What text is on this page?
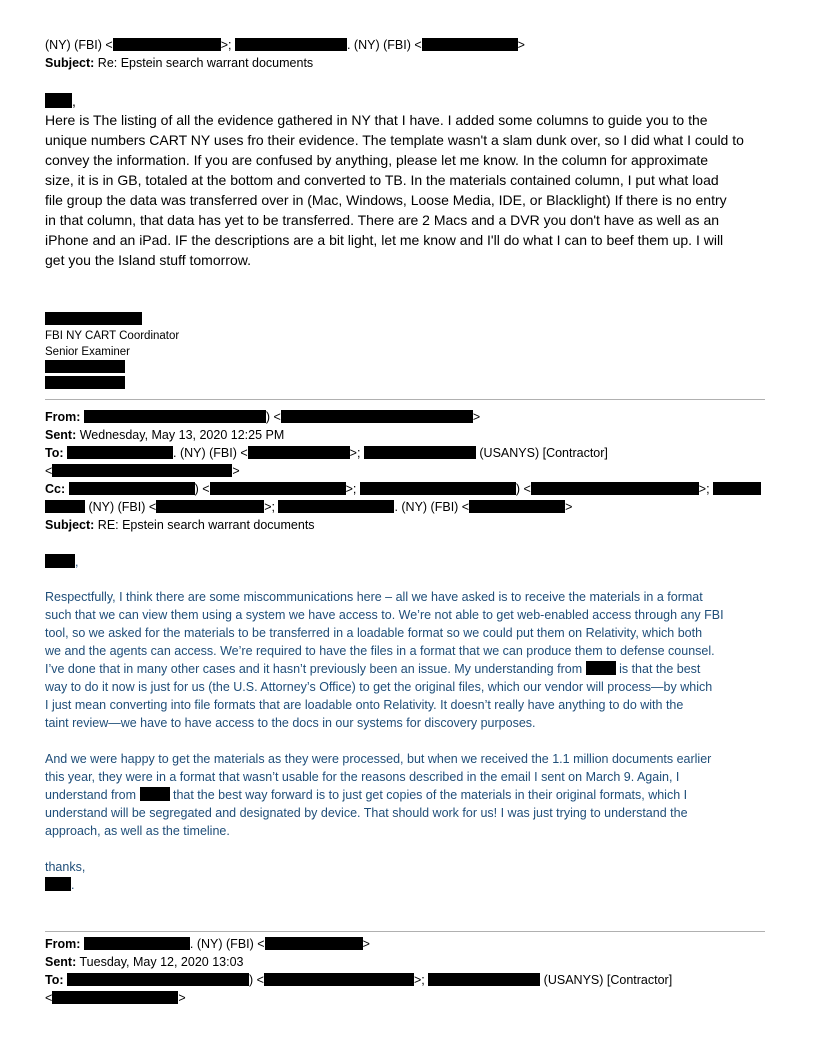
(NY) (FBI) <	>;	. (NY) (FBI) <	>
Subject: Re: Epstein search warrant documents
,
Here is The listing of all the evidence gathered in NY that I have. I added some columns to guide you to the
unique numbers CART NY uses fro their evidence. The template wasn't a slam dunk over, so I did what I could to
convey the information. If you are confused by anything, please let me know. In the column for approximate
size, it is in GB, totaled at the bottom and converted to TB. In the materials contained column, I put what load
file group the data was transferred over in (Mac, Windows, Loose Media, IDE, or Blacklight) If there is no entry
in that column, that data has yet to be transferred. There are 2 Macs and a DVR you don't have as well as an
iPhone and an iPad. IF the descriptions are a bit light, let me know and I'll do what I can to beef them up. I will
get you the Island stuff tomorrow.
FBI NY CART Coordinator
Senior Examiner
From:	) <	>
Sent: Wednesday, May 13, 2020 12:25 PM
To:	. (NY) (FBI) <	>;	(USANYS) [Contractor]
<	>
Cc:	) <	>;	) <	>;
(NY) (FBI) <	>;	. (NY) (FBI) <	>
Subject: RE: Epstein search warrant documents
,
Respectfully, I think there are some miscommunications here – all we have asked is to receive the materials in a format
such that we can view them using a system we have access to. We’re not able to get web-enabled access through any FBI
tool, so we asked for the materials to be transferred in a loadable format so we could put them on Relativity, which both
we and the agents can access. We’re required to have the files in a format that we can produce them to defense counsel.
I’ve done that in many other cases and it hasn’t previously been an issue. My understanding from	is that the best
way to do it now is just for us (the U.S. Attorney’s Office) to get the original files, which our vendor will process—by which
I just mean converting into file formats that are loadable onto Relativity. It doesn’t really have anything to do with the
taint review—we have to have access to the docs in our systems for discovery purposes.
And we were happy to get the materials as they were processed, but when we received the 1.1 million documents earlier
this year, they were in a format that wasn’t usable for the reasons described in the email I sent on March 9. Again, I
understand from	that the best way forward is to just get copies of the materials in their original formats, which I
understand will be segregated and designated by device. That should work for us! I was just trying to understand the
approach, as well as the timeline.
thanks,
.
From:	. (NY) (FBI) <	>
Sent: Tuesday, May 12, 2020 13:03
To:	) <	>;	(USANYS) [Contractor]
<	>
